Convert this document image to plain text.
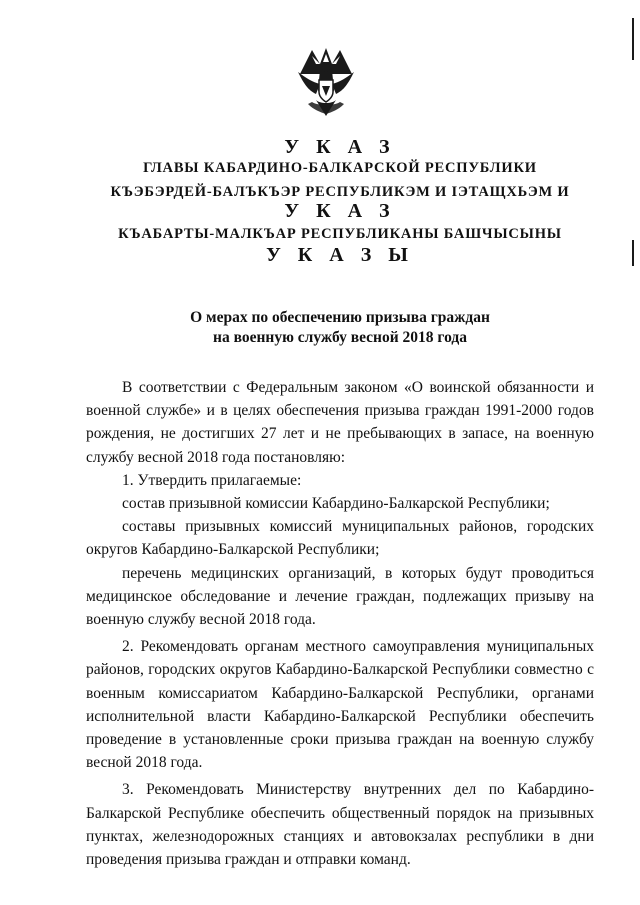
У К А З
ГЛАВЫ КАБАРДИНО-БАЛКАРСКОЙ РЕСПУБЛИКИ
КЪЭБЭРДЕЙ-БАЛЪКЪЭР РЕСПУБЛИКЭМ И ІЭТАЩХЬЭМ И
У К А З
КЪАБАРТЫ-МАЛКЪАР РЕСПУБЛИКАНЫ БАШЧЫСЫНЫ
У К А З Ы
О мерах по обеспечению призыва граждан
на военную службу весной 2018 года

В соответствии с Федеральным законом «О воинской обязанности и военной службе» и в целях обеспечения призыва граждан 1991-2000 годов рождения, не достигших 27 лет и не пребывающих в запасе, на военную службу весной 2018 года постановляю:

1. Утвердить прилагаемые:

состав призывной комиссии Кабардино-Балкарской Республики;

составы призывных комиссий муниципальных районов, городских округов Кабардино-Балкарской Республики;

перечень медицинских организаций, в которых будут проводиться медицинское обследование и лечение граждан, подлежащих призыву на военную службу весной 2018 года.

2. Рекомендовать органам местного самоуправления муниципальных районов, городских округов Кабардино-Балкарской Республики совместно с военным комиссариатом Кабардино-Балкарской Республики, органами исполнительной власти Кабардино-Балкарской Республики обеспечить проведение в установленные сроки призыва граждан на военную службу весной 2018 года.

3. Рекомендовать Министерству внутренних дел по Кабардино-Балкарской Республике обеспечить общественный порядок на призывных пунктах, железнодорожных станциях и автовокзалах республики в дни проведения призыва граждан и отправки команд.
